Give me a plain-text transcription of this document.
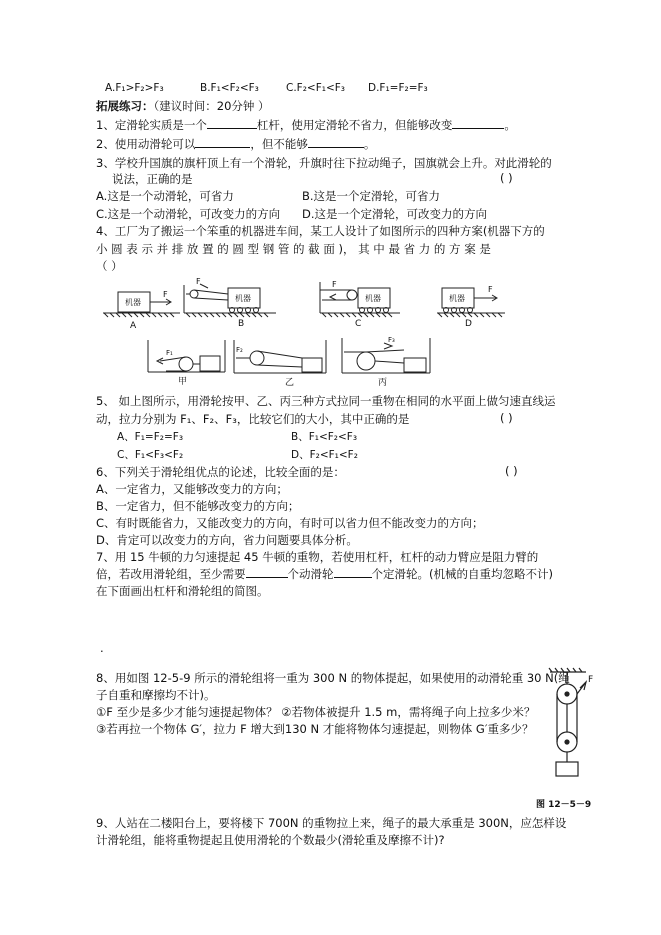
A.F₁>F₂>F₃	B.F₁<F₂<F₃	C.F₂<F₁<F₃ D.F₁=F₂=F₃
拓展练习：（建议时间：20分钟 ）
1、定滑轮实质是一个	杠杆，使用定滑轮不省力，但能够改变	。
2、使用动滑轮可以	，但不能够	。
3、学校升国旗的旗杆顶上有一个滑轮，升旗时往下拉动绳子，国旗就会上升。对此滑轮的
说法，正确的是	( )
A.这是一个动滑轮，可省力	B.这是一个定滑轮，可省力
C.这是一个动滑轮，可改变力的方向 D.这是一个定滑轮，可改变力的方向
4、工厂为了搬运一个笨重的机器进车间，某工人设计了如图所示的四种方案(机器下方的
小 圆 表 示 并 排 放 置 的 圆 型 钢 管 的 截 面 )， 其 中 最 省 力 的 方 案 是
（ ）
机器
F
A
机器
F
B
机器
F
C
机器
F
D
F₁
甲
F₂
乙
F₃
丙
5、 如上图所示，用滑轮按甲、乙、丙三种方式拉同一重物在相同的水平面上做匀速直线运
动，拉力分别为 F₁、F₂、F₃，比较它们的大小，其中正确的是	( )
A、F₁=F₂=F₃	B、F₁<F₂<F₃
C、F₁<F₃<F₂	D、F₂<F₁<F₂
6、下列关于滑轮组优点的论述，比较全面的是：	( )
A、一定省力，又能够改变力的方向；
B、一定省力，但不能够改变力的方向；
C、有时既能省力，又能改变力的方向，有时可以省力但不能改变力的方向；
D、肯定可以改变力的方向，省力问题要具体分析。
7、用 15 牛顿的力匀速提起 45 牛顿的重物，若使用杠杆，杠杆的动力臂应是阻力臂的
倍，若改用滑轮组，至少需要	个动滑轮	个定滑轮。(机械的自重均忽略不计)
在下面画出杠杆和滑轮组的简图。
.
8、用如图 12-5-9 所示的滑轮组将一重为 300 N 的物体提起，如果使用的动滑轮重 30 N(绳
子自重和摩擦均不计)。
①F 至少是多少才能匀速提起物体？ ②若物体被提升 1.5 m，需将绳子向上拉多少米？
③若再拉一个物体 G′，拉力 F 增大到130 N 才能将物体匀速提起，则物体 G′重多少？
F
图 12－5－9
9、人站在二楼阳台上，要将楼下 700N 的重物拉上来，绳子的最大承重是 300N，应怎样设
计滑轮组，能将重物提起且使用滑轮的个数最少(滑轮重及摩擦不计)?
